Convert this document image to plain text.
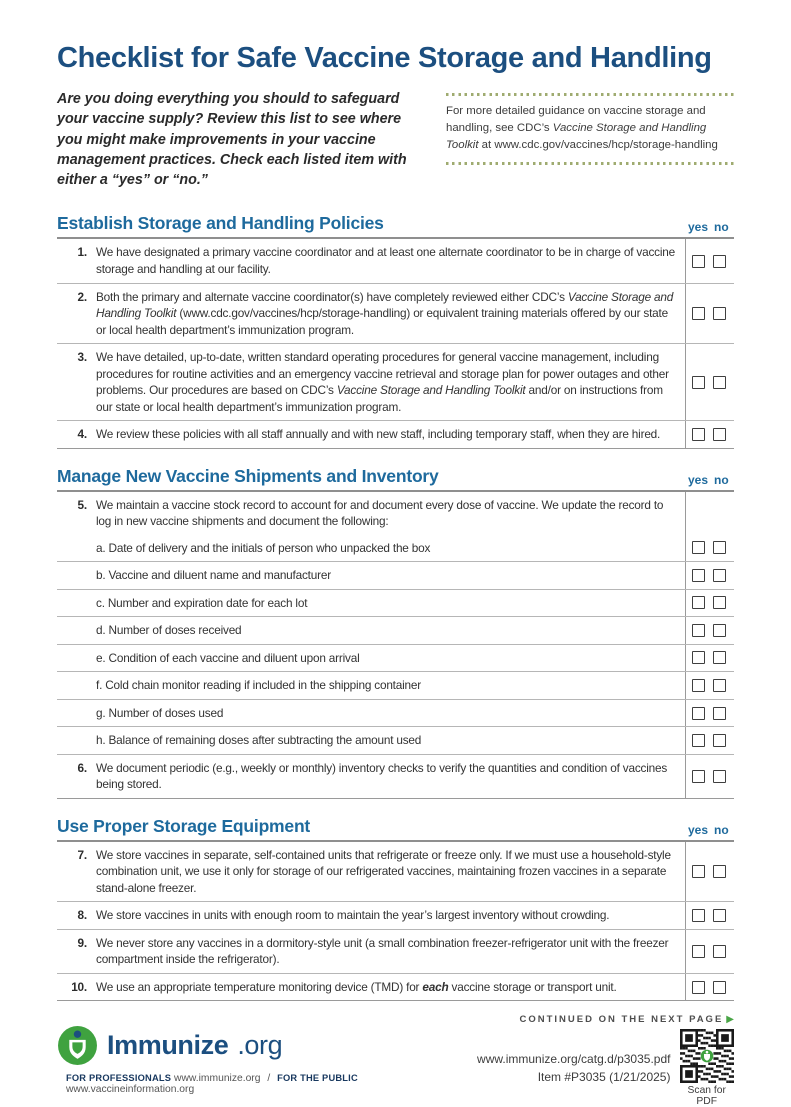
Checklist for Safe Vaccine Storage and Handling

Are you doing everything you should to safeguard your vaccine supply? Review this list to see where you might make improvements in your vaccine management practices. Check each listed item with either a “yes” or “no.”

For more detailed guidance on vaccine storage and handling, see CDC’s Vaccine Storage and Handling Toolkit at www.cdc.gov/vaccines/hcp/storage-handling

Establish Storage and Handling Policies	yes no
1. We have designated a primary vaccine coordinator and at least one alternate coordinator to be in charge of vaccine storage and handling at our facility.
2. Both the primary and alternate vaccine coordinator(s) have completely reviewed either CDC’s Vaccine Storage and Handling Toolkit (www.cdc.gov/vaccines/hcp/storage-handling) or equivalent training materials offered by our state or local health department’s immunization program.
3. We have detailed, up-to-date, written standard operating procedures for general vaccine management, including procedures for routine activities and an emergency vaccine retrieval and storage plan for power outages and other problems. Our procedures are based on CDC’s Vaccine Storage and Handling Toolkit and/or on instructions from our state or local health department’s immunization program.
4. We review these policies with all staff annually and with new staff, including temporary staff, when they are hired.
Manage New Vaccine Shipments and Inventory	yes no
5. We maintain a vaccine stock record to account for and document every dose of vaccine. We update the record to log in new vaccine shipments and document the following:
a. Date of delivery and the initials of person who unpacked the box
b. Vaccine and diluent name and manufacturer
c. Number and expiration date for each lot
d. Number of doses received
e. Condition of each vaccine and diluent upon arrival
f. Cold chain monitor reading if included in the shipping container
g. Number of doses used
h. Balance of remaining doses after subtracting the amount used
6. We document periodic (e.g., weekly or monthly) inventory checks to verify the quantities and condition of vaccines being stored.
Use Proper Storage Equipment	yes no
7. We store vaccines in separate, self-contained units that refrigerate or freeze only. If we must use a household-style combination unit, we use it only for storage of our refrigerated vaccines, maintaining frozen vaccines in a separate stand-alone freezer.
8. We store vaccines in units with enough room to maintain the year’s largest inventory without crowding.
9. We never store any vaccines in a dormitory-style unit (a small combination freezer-refrigerator unit with the freezer compartment inside the refrigerator).
10. We use an appropriate temperature monitoring device (TMD) for each vaccine storage or transport unit.
CONTINUED ON THE NEXT PAGE ▶
Immunize .org
FOR PROFESSIONALS www.immunize.org / FOR THE PUBLIC www.vaccineinformation.org
www.immunize.org/catg.d/p3035.pdf
Item #P3035 (1/21/2025)
Scan for PDF
